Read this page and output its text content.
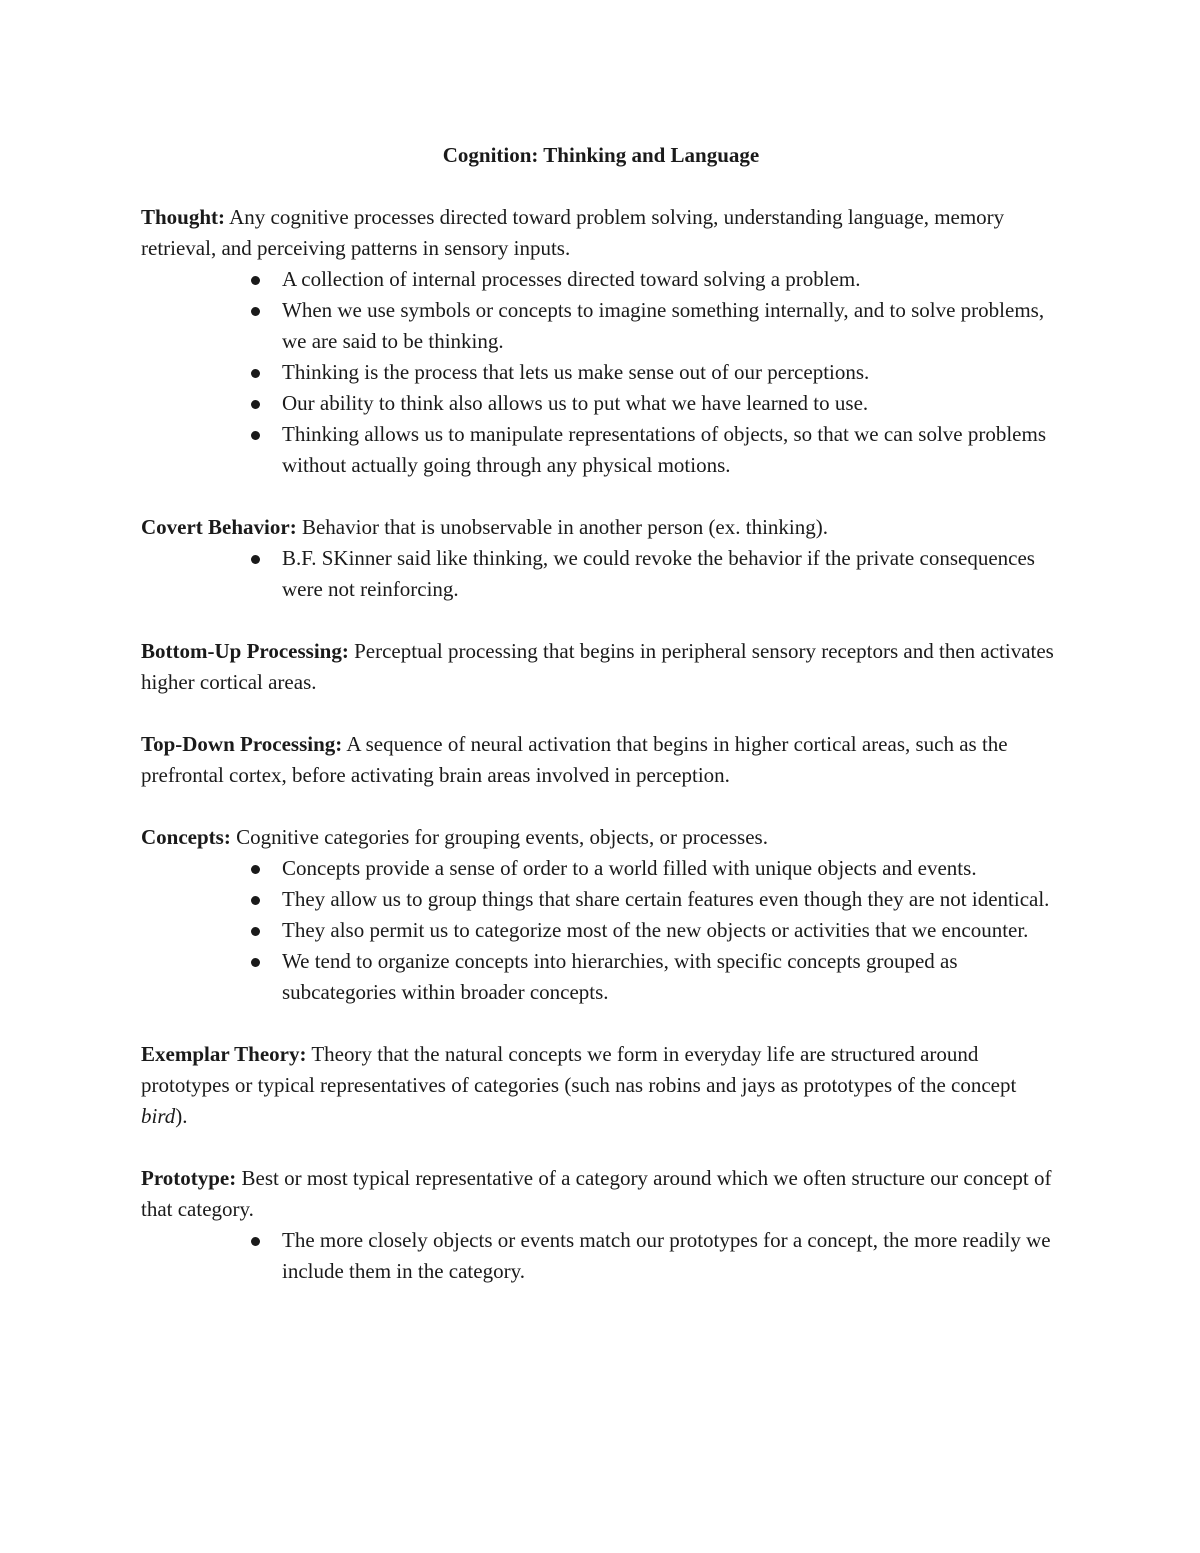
Cognition: Thinking and Language

Thought: Any cognitive processes directed toward problem solving, understanding language, memory retrieval, and perceiving patterns in sensory inputs.

A collection of internal processes directed toward solving a problem.
When we use symbols or concepts to imagine something internally, and to solve problems, we are said to be thinking.
Thinking is the process that lets us make sense out of our perceptions.
Our ability to think also allows us to put what we have learned to use.
Thinking allows us to manipulate representations of objects, so that we can solve problems without actually going through any physical motions.

Covert Behavior: Behavior that is unobservable in another person (ex. thinking).

B.F. SKinner said like thinking, we could revoke the behavior if the private consequences were not reinforcing.

Bottom-Up Processing: Perceptual processing that begins in peripheral sensory receptors and then activates higher cortical areas.

Top-Down Processing: A sequence of neural activation that begins in higher cortical areas, such as the prefrontal cortex, before activating brain areas involved in perception.

Concepts: Cognitive categories for grouping events, objects, or processes.

Concepts provide a sense of order to a world filled with unique objects and events.
They allow us to group things that share certain features even though they are not identical.
They also permit us to categorize most of the new objects or activities that we encounter.
We tend to organize concepts into hierarchies, with specific concepts grouped as subcategories within broader concepts.

Exemplar Theory: Theory that the natural concepts we form in everyday life are structured around prototypes or typical representatives of categories (such nas robins and jays as prototypes of the concept bird).

Prototype: Best or most typical representative of a category around which we often structure our concept of that category.

The more closely objects or events match our prototypes for a concept, the more readily we include them in the category.
